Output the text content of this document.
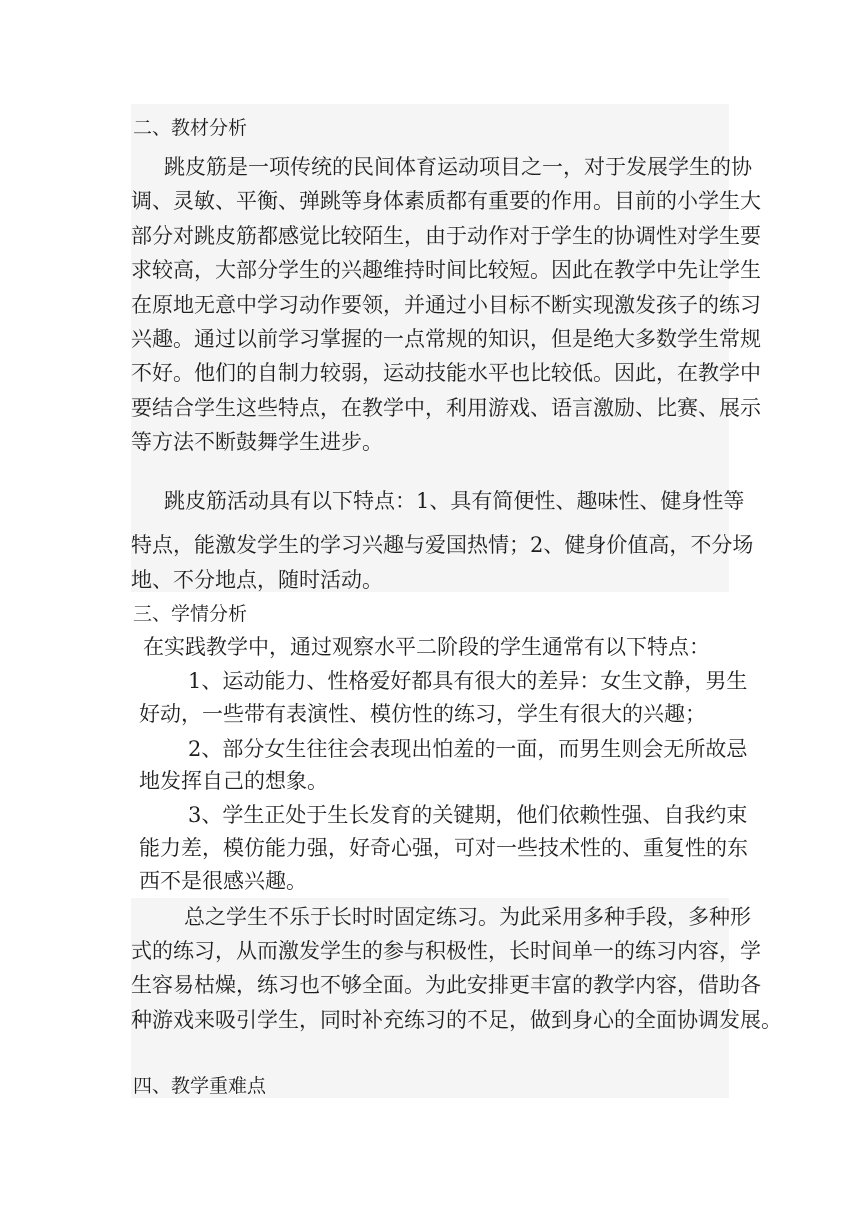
二、教材分析
跳皮筋是一项传统的民间体育运动项目之一，对于发展学生的协
调、灵敏、平衡、弹跳等身体素质都有重要的作用。目前的小学生大
部分对跳皮筋都感觉比较陌生，由于动作对于学生的协调性对学生要
求较高，大部分学生的兴趣维持时间比较短。因此在教学中先让学生
在原地无意中学习动作要领，并通过小目标不断实现激发孩子的练习
兴趣。通过以前学习掌握的一点常规的知识，但是绝大多数学生常规
不好。他们的自制力较弱，运动技能水平也比较低。因此，在教学中
要结合学生这些特点，在教学中，利用游戏、语言激励、比赛、展示
等方法不断鼓舞学生进步。
跳皮筋活动具有以下特点：1、具有简便性、趣味性、健身性等
特点，能激发学生的学习兴趣与爱国热情；2、健身价值高，不分场
地、不分地点，随时活动。
三、学情分析
在实践教学中，通过观察水平二阶段的学生通常有以下特点：
1、运动能力、性格爱好都具有很大的差异：女生文静，男生
好动，一些带有表演性、模仿性的练习，学生有很大的兴趣；
2、部分女生往往会表现出怕羞的一面，而男生则会无所故忌
地发挥自己的想象。
3、学生正处于生长发育的关键期，他们依赖性强、自我约束
能力差，模仿能力强，好奇心强，可对一些技术性的、重复性的东
西不是很感兴趣。
总之学生不乐于长时时固定练习。为此采用多种手段，多种形
式的练习，从而激发学生的参与积极性，长时间单一的练习内容，学
生容易枯燥，练习也不够全面。为此安排更丰富的教学内容，借助各
种游戏来吸引学生，同时补充练习的不足，做到身心的全面协调发展。
四、教学重难点
